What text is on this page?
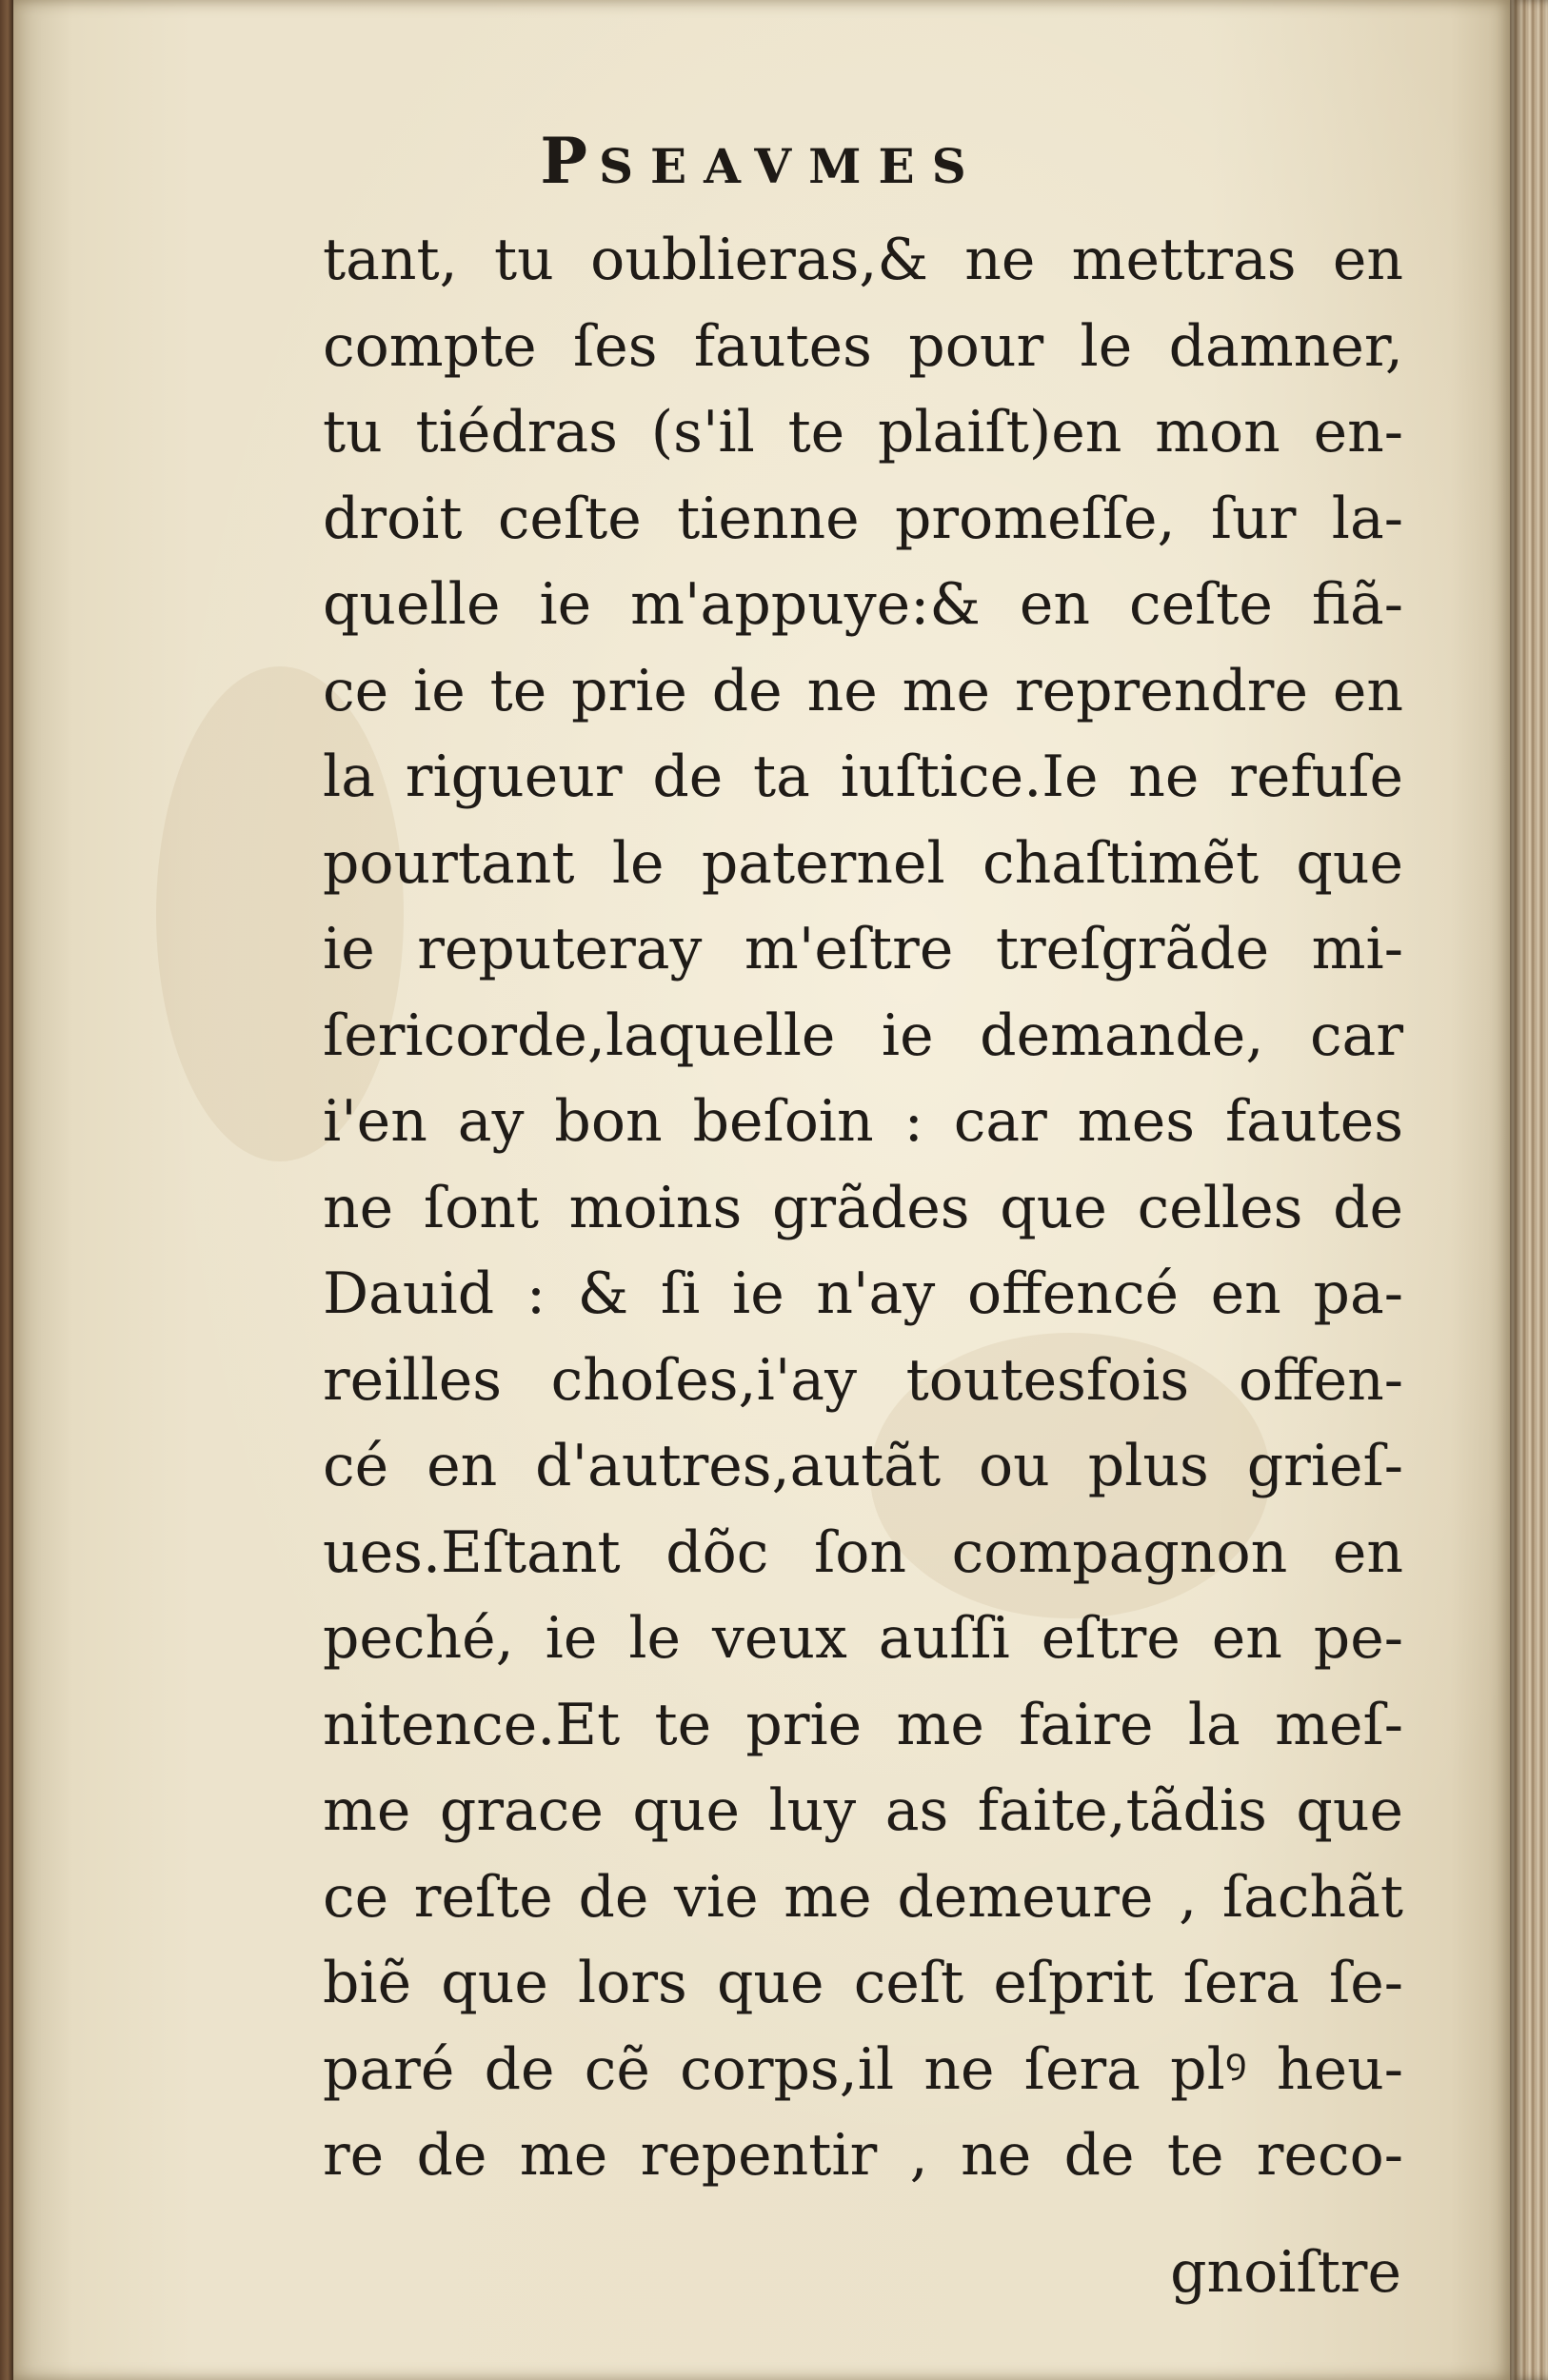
PSEAVMES
tant, tu oublieras,& ne mettras en
compte ſes fautes pour le damner,
tu tiédras (s'il te plaiſt)en mon en-
droit ceſte tienne promeſſe, ſur la-
quelle ie m'appuye:& en ceſte fiã-
ce ie te prie de ne me reprendre en
la rigueur de ta iuſtice.Ie ne refuſe
pourtant le paternel chaſtimẽt que
ie reputeray m'eſtre treſgrãde mi-
ſericorde,laquelle ie demande, car
i'en ay bon beſoin : car mes fautes
ne ſont moins grãdes que celles de
Dauid : & ſi ie n'ay offencé en pa-
reilles choſes,i'ay toutesfois offen-
cé en d'autres,autãt ou plus grieſ-
ues.Eſtant dõc ſon compagnon en
peché, ie le veux auſſi eſtre en pe-
nitence.Et te prie me faire la meſ-
me grace que luy as faite,tãdis que
ce reſte de vie me demeure , ſachãt
biẽ que lors que ceſt eſprit ſera ſe-
paré de cẽ corps,il ne ſera plꝰ heu-
re de me repentir , ne de te reco-

gnoiſtre
